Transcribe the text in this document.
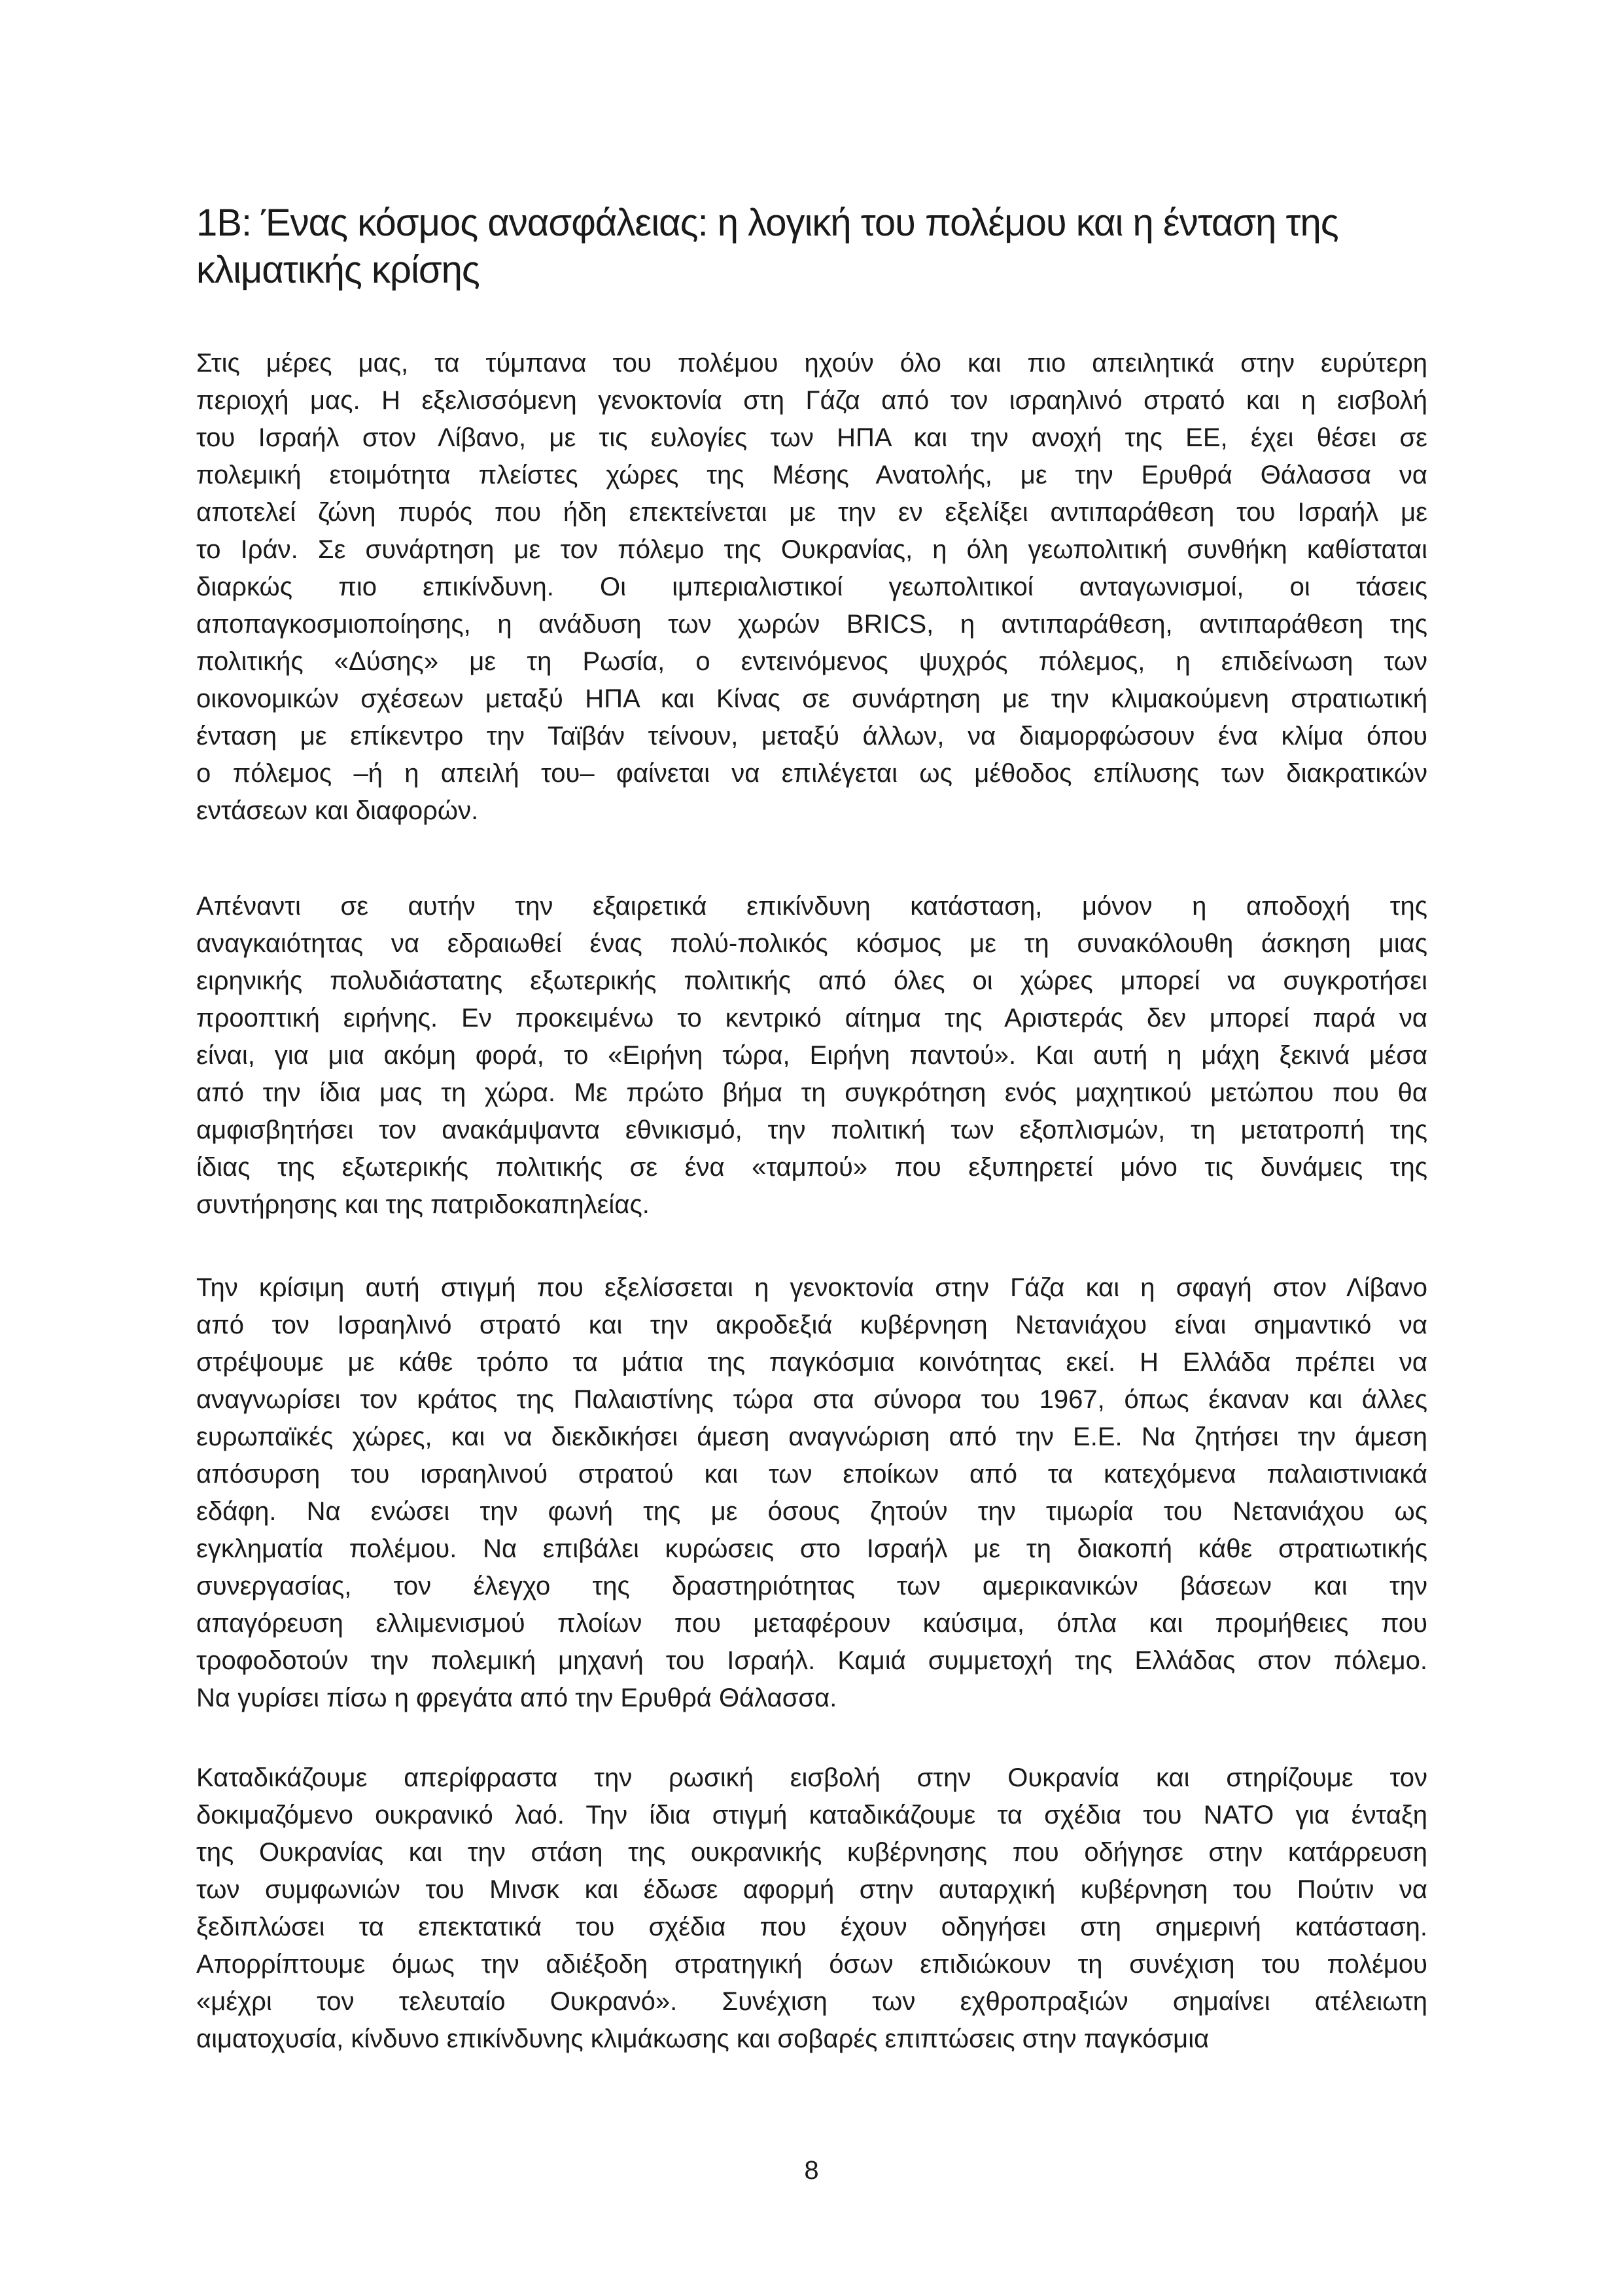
1Β: Ένας κόσμος ανασφάλειας: η λογική του πολέμου και η ένταση της
κλιματικής κρίσης
Στις μέρες μας, τα τύμπανα του πολέμου ηχούν όλο και πιο απειλητικά στην ευρύτερη
περιοχή μας. Η εξελισσόμενη γενοκτονία στη Γάζα από τον ισραηλινό στρατό και η εισβολή
του Ισραήλ στον Λίβανο, με τις ευλογίες των ΗΠΑ και την ανοχή της ΕΕ, έχει θέσει σε
πολεμική ετοιμότητα πλείστες χώρες της Μέσης Ανατολής, με την Ερυθρά Θάλασσα να
αποτελεί ζώνη πυρός που ήδη επεκτείνεται με την εν εξελίξει αντιπαράθεση του Ισραήλ με
το Ιράν. Σε συνάρτηση με τον πόλεμο της Ουκρανίας, η όλη γεωπολιτική συνθήκη καθίσταται
διαρκώς πιο επικίνδυνη. Οι ιμπεριαλιστικοί γεωπολιτικοί ανταγωνισμοί, οι τάσεις
αποπαγκοσμιοποίησης, η ανάδυση των χωρών BRICS, η αντιπαράθεση, αντιπαράθεση της
πολιτικής «Δύσης» με τη Ρωσία, ο εντεινόμενος ψυχρός πόλεμος, η επιδείνωση των
οικονομικών σχέσεων μεταξύ ΗΠΑ και Κίνας σε συνάρτηση με την κλιμακούμενη στρατιωτική
ένταση με επίκεντρο την Ταϊβάν τείνουν, μεταξύ άλλων, να διαμορφώσουν ένα κλίμα όπου
ο πόλεμος –ή η απειλή του– φαίνεται να επιλέγεται ως μέθοδος επίλυσης των διακρατικών
εντάσεων και διαφορών.
Απέναντι σε αυτήν την εξαιρετικά επικίνδυνη κατάσταση, μόνον η αποδοχή της
αναγκαιότητας να εδραιωθεί ένας πολύ-πολικός κόσμος με τη συνακόλουθη άσκηση μιας
ειρηνικής πολυδιάστατης εξωτερικής πολιτικής από όλες οι χώρες μπορεί να συγκροτήσει
προοπτική ειρήνης. Εν προκειμένω το κεντρικό αίτημα της Αριστεράς δεν μπορεί παρά να
είναι, για μια ακόμη φορά, το «Ειρήνη τώρα, Ειρήνη παντού». Και αυτή η μάχη ξεκινά μέσα
από την ίδια μας τη χώρα. Με πρώτο βήμα τη συγκρότηση ενός μαχητικού μετώπου που θα
αμφισβητήσει τον ανακάμψαντα εθνικισμό, την πολιτική των εξοπλισμών, τη μετατροπή της
ίδιας της εξωτερικής πολιτικής σε ένα «ταμπού» που εξυπηρετεί μόνο τις δυνάμεις της
συντήρησης και της πατριδοκαπηλείας.
Την κρίσιμη αυτή στιγμή που εξελίσσεται η γενοκτονία στην Γάζα και η σφαγή στον Λίβανο
από τον Ισραηλινό στρατό και την ακροδεξιά κυβέρνηση Νετανιάχου είναι σημαντικό να
στρέψουμε με κάθε τρόπο τα μάτια της παγκόσμια κοινότητας εκεί. Η Ελλάδα πρέπει να
αναγνωρίσει τον κράτος της Παλαιστίνης τώρα στα σύνορα του 1967, όπως έκαναν και άλλες
ευρωπαϊκές χώρες, και να διεκδικήσει άμεση αναγνώριση από την Ε.Ε. Να ζητήσει την άμεση
απόσυρση του ισραηλινού στρατού και των εποίκων από τα κατεχόμενα παλαιστινιακά
εδάφη. Να ενώσει την φωνή της με όσους ζητούν την τιμωρία του Νετανιάχου ως
εγκληματία πολέμου. Να επιβάλει κυρώσεις στο Ισραήλ με τη διακοπή κάθε στρατιωτικής
συνεργασίας, τον έλεγχο της δραστηριότητας των αμερικανικών βάσεων και την
απαγόρευση ελλιμενισμού πλοίων που μεταφέρουν καύσιμα, όπλα και προμήθειες που
τροφοδοτούν την πολεμική μηχανή του Ισραήλ. Καμιά συμμετοχή της Ελλάδας στον πόλεμο.
Να γυρίσει πίσω η φρεγάτα από την Ερυθρά Θάλασσα.
Καταδικάζουμε απερίφραστα την ρωσική εισβολή στην Ουκρανία και στηρίζουμε τον
δοκιμαζόμενο ουκρανικό λαό. Την ίδια στιγμή καταδικάζουμε τα σχέδια του ΝΑΤΟ για ένταξη
της Ουκρανίας και την στάση της ουκρανικής κυβέρνησης που οδήγησε στην κατάρρευση
των συμφωνιών του Μινσκ και έδωσε αφορμή στην αυταρχική κυβέρνηση του Πούτιν να
ξεδιπλώσει τα επεκτατικά του σχέδια που έχουν οδηγήσει στη σημερινή κατάσταση.
Απορρίπτουμε όμως την αδιέξοδη στρατηγική όσων επιδιώκουν τη συνέχιση του πολέμου
«μέχρι τον τελευταίο Ουκρανό». Συνέχιση των εχθροπραξιών σημαίνει ατέλειωτη
αιματοχυσία, κίνδυνο επικίνδυνης κλιμάκωσης και σοβαρές επιπτώσεις στην παγκόσμια
8
